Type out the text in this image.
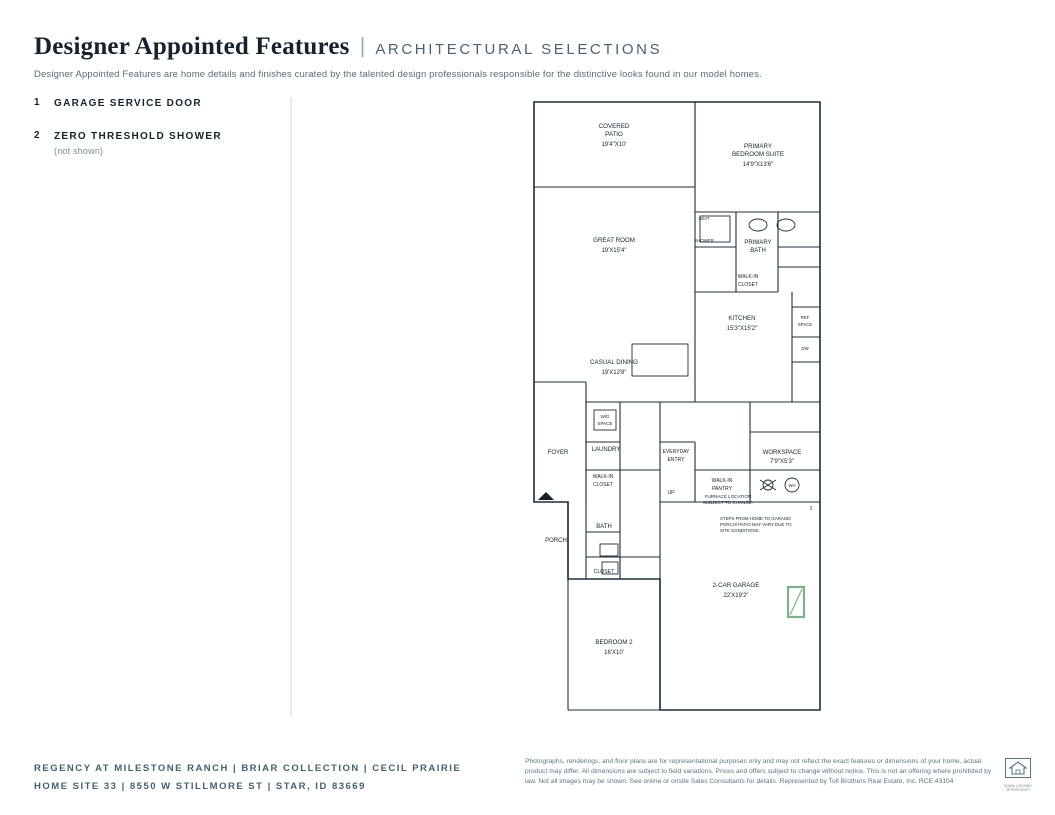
Designer Appointed Features | ARCHITECTURAL SELECTIONS
Designer Appointed Features are home details and finishes curated by the talented design professionals responsible for the distinctive looks found in our model homes.
1	GARAGE SERVICE DOOR
2	ZERO THRESHOLD SHOWER
(not shown)
COVERED
PATIO
19'4"X10'	PRIMARY
BEDROOM SUITE
14'9"X13'6"
GREAT ROOM
19'X15'4"
SEAT
SHOWER	PRIMARY
BATH
WALK-IN
CLOSET
KITCHEN
15'3"X15'2"
REF
SPACE
DW
CASUAL DINING
19'X12'8"
W/D
SPACE
LAUNDRY
FOYER
WALK-IN
CLOSET
EVERYDAY
ENTRY
WALK-IN
PANTRY
WORKSPACE
7'9"X5'3"
UP
PORCH
BATH
CLOSET
BEDROOM 2
16'X10'
2-CAR GARAGE
22'X19'2"
FURNACE LOCATION
SUBJECT TO CHANGE.
STEPS FROM HOME TO GARAGE/
PORCH/ PATIO MAY VARY DUE TO
SITE CONDITIONS.
WH
1
REGENCY AT MILESTONE RANCH | BRIAR COLLECTION | CECIL PRAIRIE
HOME SITE 33 | 8550 W STILLMORE ST | STAR, ID 83669
Photographs, renderings, and floor plans are for representational purposes only and may not reflect the exact features or dimensions of your home, actual product may differ. All dimensions are subject to field variations. Prices and offers subject to change without notice. This is not an offering where prohibited by law. Not all images may be shown. See online or onsite Sales Consultants for details. Represented by Toll Brothers Real Estate, Inc. RCE 43104
EQUAL HOUSING OPPORTUNITY
